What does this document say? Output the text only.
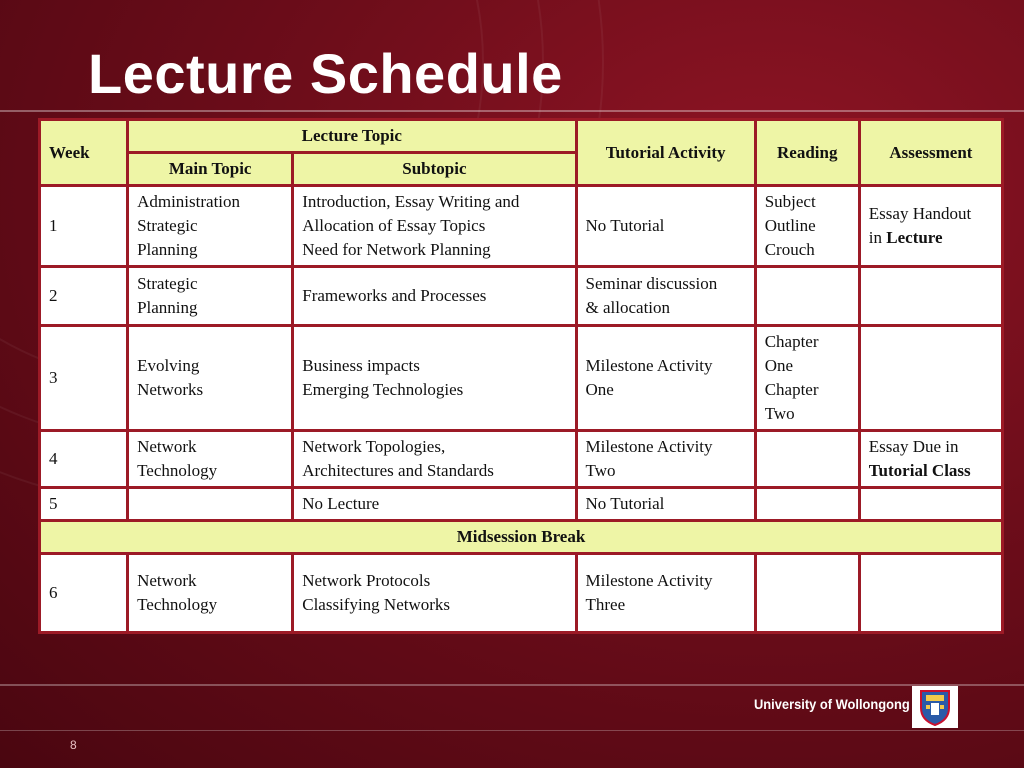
Lecture Schedule
Week	Lecture Topic		Tutorial Activity	Reading	Assessment
	Main Topic	Subtopic			
1	Administration
Strategic
Planning	Introduction, Essay Writing and
Allocation of Essay Topics
Need for Network Planning	No Tutorial	Subject
Outline
Crouch	Essay Handout
in Lecture

2	Strategic
Planning	Frameworks and Processes	Seminar discussion
& allocation		

3	Evolving
Networks	Business impacts
Emerging Technologies	Milestone Activity
One	Chapter
One
Chapter
Two	

4	Network
Technology	Network Topologies,
Architectures and Standards	Milestone Activity
Two		Essay Due in
Tutorial Class

5		No Lecture	No Tutorial		

Midsession Break					
6	Network
Technology	Network Protocols
Classifying Networks	Milestone Activity
Three		

University of Wollongong
8
